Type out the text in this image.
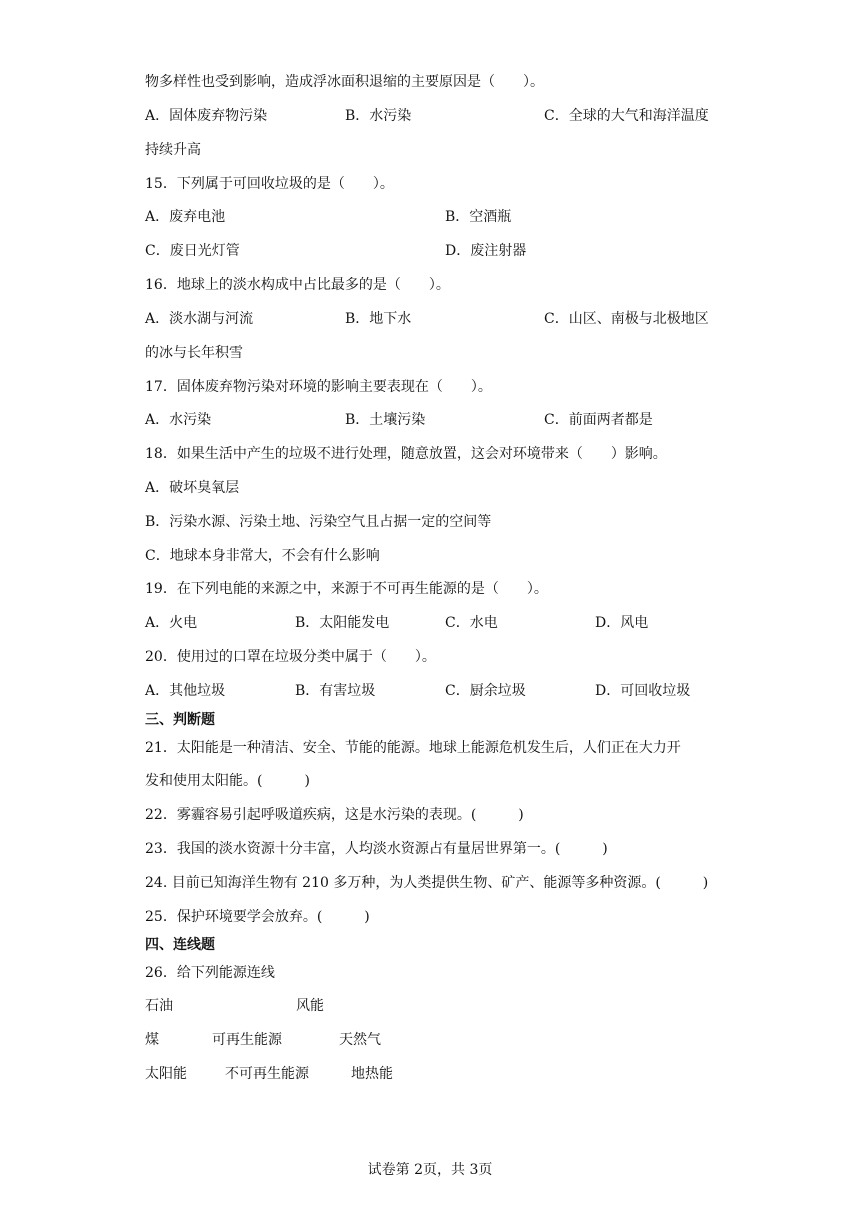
物多样性也受到影响，造成浮冰面积退缩的主要原因是（　　）。
A．固体废弃物污染	B．水污染	C．全球的大气和海洋温度
持续升高
15．下列属于可回收垃圾的是（　　）。
A．废弃电池	B．空酒瓶
C．废日光灯管	D．废注射器
16．地球上的淡水构成中占比最多的是（　　）。
A．淡水湖与河流	B．地下水	C．山区、南极与北极地区
的冰与长年积雪
17．固体废弃物污染对环境的影响主要表现在（　　）。
A．水污染	B．土壤污染	C．前面两者都是
18．如果生活中产生的垃圾不进行处理，随意放置，这会对环境带来（　　）影响。
A．破坏臭氧层
B．污染水源、污染土地、污染空气且占据一定的空间等
C．地球本身非常大，不会有什么影响
19．在下列电能的来源之中，来源于不可再生能源的是（　　）。
A．火电	B．太阳能发电	C．水电	D．风电
20．使用过的口罩在垃圾分类中属于（　　）。
A．其他垃圾	B．有害垃圾	C．厨余垃圾	D．可回收垃圾
三、判断题
21．太阳能是一种清洁、安全、节能的能源。地球上能源危机发生后，人们正在大力开
发和使用太阳能。(　　　)
22．雾霾容易引起呼吸道疾病，这是水污染的表现。(　　　)
23．我国的淡水资源十分丰富，人均淡水资源占有量居世界第一。(　　　)
24. 目前已知海洋生物有 210 多万种，为人类提供生物、矿产、能源等多种资源。(　　　)
25．保护环境要学会放弃。(　　　)
四、连线题
26．给下列能源连线
石油	风能
煤	可再生能源	天然气
太阳能	不可再生能源	地热能
试卷第 2页，共 3页
